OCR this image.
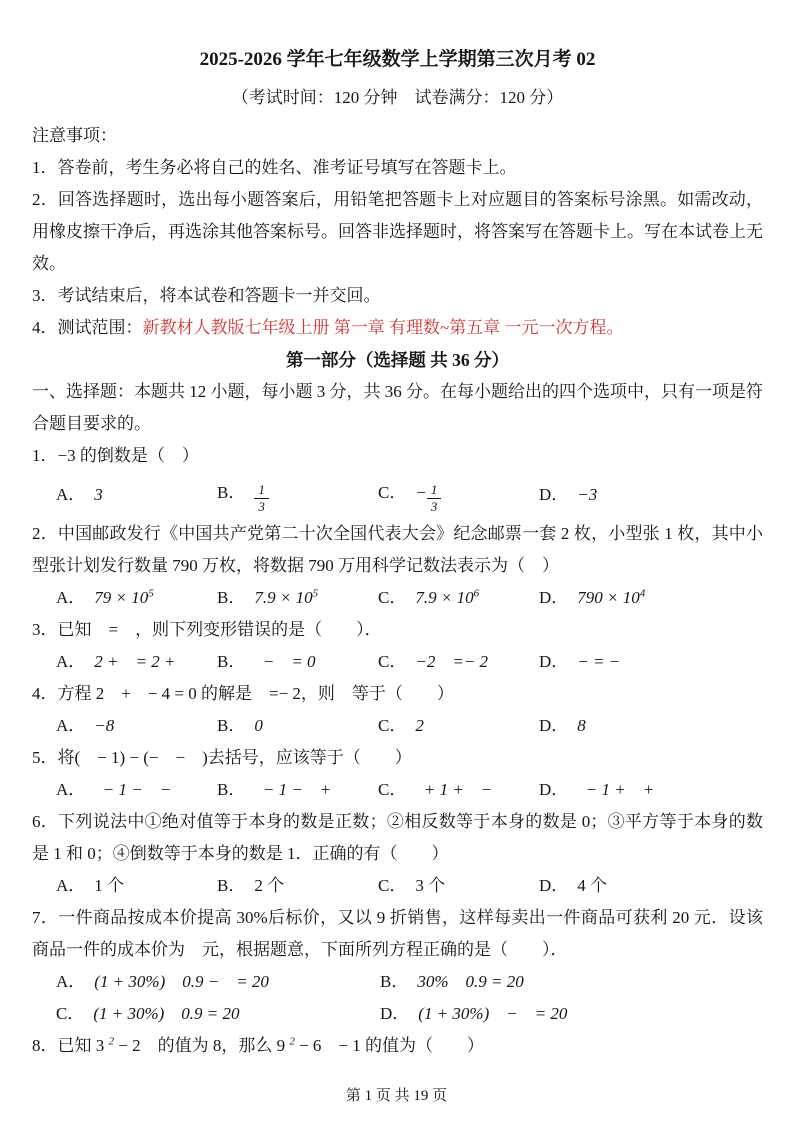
2025-2026 学年七年级数学上学期第三次月考 02
（考试时间：120 分钟　试卷满分：120 分）
注意事项：
1．答卷前，考生务必将自己的姓名、准考证号填写在答题卡上。
2．回答选择题时，选出每小题答案后，用铅笔把答题卡上对应题目的答案标号涂黑。如需改动，用橡皮擦干净后，再选涂其他答案标号。回答非选择题时，将答案写在答题卡上。写在本试卷上无效。
3．考试结束后，将本试卷和答题卡一并交回。
4．测试范围：新教材人教版七年级上册 第一章 有理数~第五章 一元一次方程。
第一部分（选择题 共 36 分）
一、选择题：本题共 12 小题，每小题 3 分，共 36 分。在每小题给出的四个选项中，只有一项是符合题目要求的。
1．−3 的倒数是（　）
A． 3	B． $\frac{1}{3}$	C． − $\frac{1}{3}$	D． −3
2．中国邮政发行《中国共产党第二十次全国代表大会》纪念邮票一套 2 枚，小型张 1 枚，其中小型张计划发行数量 790 万枚，将数据 790 万用科学记数法表示为（　）
A． $79 \times 10^5$	B． $7.9 \times 10^5$	C． $7.9 \times 10^6$	D． $790 \times 10^4$
3．已知　=　，则下列变形错误的是（　　）．
A． 2 +　= 2 +	B．　−　= 0	C． −2　=− 2	D． − = −
4．方程 2　+　− 4 = 0 的解是　=− 2，则　等于（　　）
A． −8	B． 0	C． 2	D． 8
5．将(　− 1) − (−　−　)去括号，应该等于（　　）
A．　− 1 −　−	B．　− 1 −　+	C．　+ 1 +　−	D．　− 1 +　+
6．下列说法中①绝对值等于本身的数是正数；②相反数等于本身的数是 0；③平方等于本身的数是 1 和 0；④倒数等于本身的数是 1．正确的有（　　）
A． 1 个	B． 2 个	C． 3 个	D． 4 个
7．一件商品按成本价提高 30%后标价，又以 9 折销售，这样每卖出一件商品可获利 20 元．设该商品一件的成本价为　元，根据题意，下面所列方程正确的是（　　）．
A． (1 + 30%)　0.9 −　= 20	B． 30%　0.9 = 20
C． (1 + 30%)　0.9 = 20	D． (1 + 30%)　−　= 20
8．已知 3 $^2$ − 2　的值为 8，那么 9 $^2$ − 6　− 1 的值为（　　）
第 1 页 共 19 页
